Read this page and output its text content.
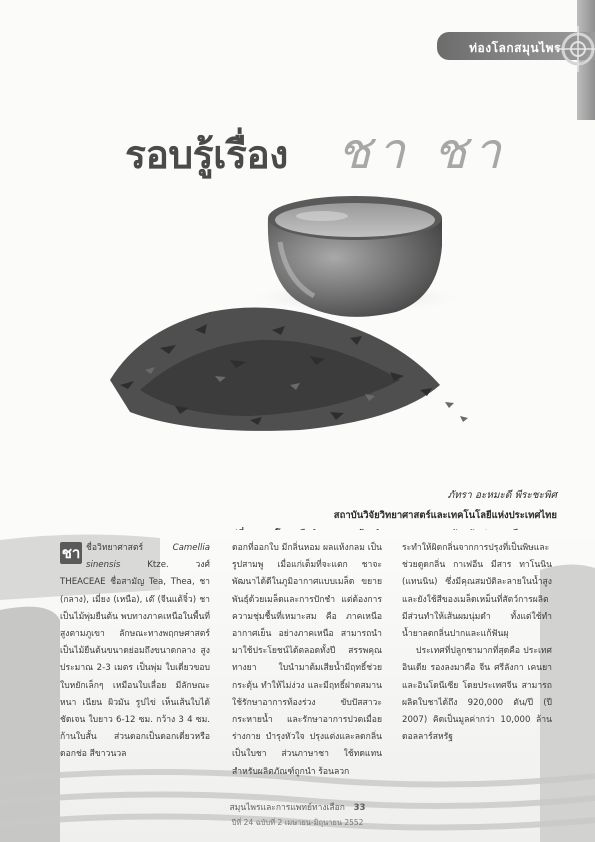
ท่องโลกสมุนไพร
รอบรู้เรื่อง ชา ชา
ภัทรา อะหมะดี พีระชะพิศ
สถาบันวิจัยวิทยาศาสตร์และเทคโนโลยีแห่งประเทศไทย

ชา ชื่อวิทยาศาสตร์	Camellia sinensis	Ktze. วงศ์ THEACEAE ชื่อสามัญ Tea, Thea, ชา (กลาง), เมี่ยง (เหนือ), เต๊ (จีนแต้จิ๋ว) ชาเป็นไม้พุ่มยืนต้น พบทางภาคเหนือในพื้นที่สูงตามภูเขา ลักษณะทางพฤกษศาสตร์ เป็นไม้ยืนต้นขนาดย่อมถึงขนาดกลาง สูงประมาณ 2-3 เมตร เป็นพุ่ม ใบเดี่ยวขอบใบหยักเล็กๆ เหมือนใบเลื่อย มีลักษณะหนา เนียน ผิวมัน รูปไข่ เห็นเส้นใบได้ชัดเจน ใบยาว 6-12 ซม. กว้าง 3 4 ซม. ก้านใบสั้น ส่วนดอกเป็นดอกเดี่ยวหรือดอกช่อ สีขาวนวล

ดอกที่ออกใบ มีกลิ่นหอม ผลแห้งกลม เป็นรูปสามพู เมื่อแก่เต็มที่จะแตก ชาจะพัฒนาได้ดีในภูมิอากาศแบบเมล็ด ขยายพันธุ์ด้วยเมล็ดและการปักชำ แต่ต้องการความชุ่มชื้นที่เหมาะสม คือ ภาคเหนือ อากาศเย็น อย่างภาคเหนือ สามารถนำมาใช้ประโยชน์ได้ตลอดทั้งปี สรรพคุณทางยา ใบนำมาต้มเสียน้ำมีฤทธิ์ช่วยกระตุ้น ทำให้ไม่ง่วง และมีฤทธิ์ฝาดสมานใช้รักษาอาการท้องร่วง ขับปัสสาวะ กระหายน้ำ และรักษาอาการปวดเมื่อย ร่างกาย บำรุงหัวใจ ปรุงแต่งและลดกลิ่นเป็นใบชา ส่วนภาษาชา ใช้ทดแทนสำหรับผลิตภัณฑ์ถูกนำ ร้อนลวก

ระทำให้ผิดกลิ่นจากการปรุงที่เป็นพิษและช่วยดูดกลิ่น กาเฟอีน มีสาร ทาโนนิน (แทนนิน) ซึ่งมีคุณสมบัติละลายในน้ำสูง และยังใช้สีของเมล็ดเหม็นที่สัตว์การผลิต มีส่วนทำให้เส้นผมนุ่มดำ ทั้งแต่ใช้ทำน้ำยาลดกลิ่นปากและแก้ฟันผุ

ประเทศที่ปลูกชามากที่สุดคือ ประเทศอินเดีย รองลงมาคือ จีน ศรีลังกา เคนยา และอินโดนีเซีย โดยประเทศจีน สามารถผลิตใบชาได้ถึง 920,000 ตัน/ปี (ปี 2007) คิดเป็นมูลค่ากว่า 10,000 ล้านดอลลาร์สหรัฐ

สมุนไพรและการแพทย์ทางเลือก 33
ปีที่ 24 ฉบับที่ 2 เมษายน-มิถุนายน 2552
